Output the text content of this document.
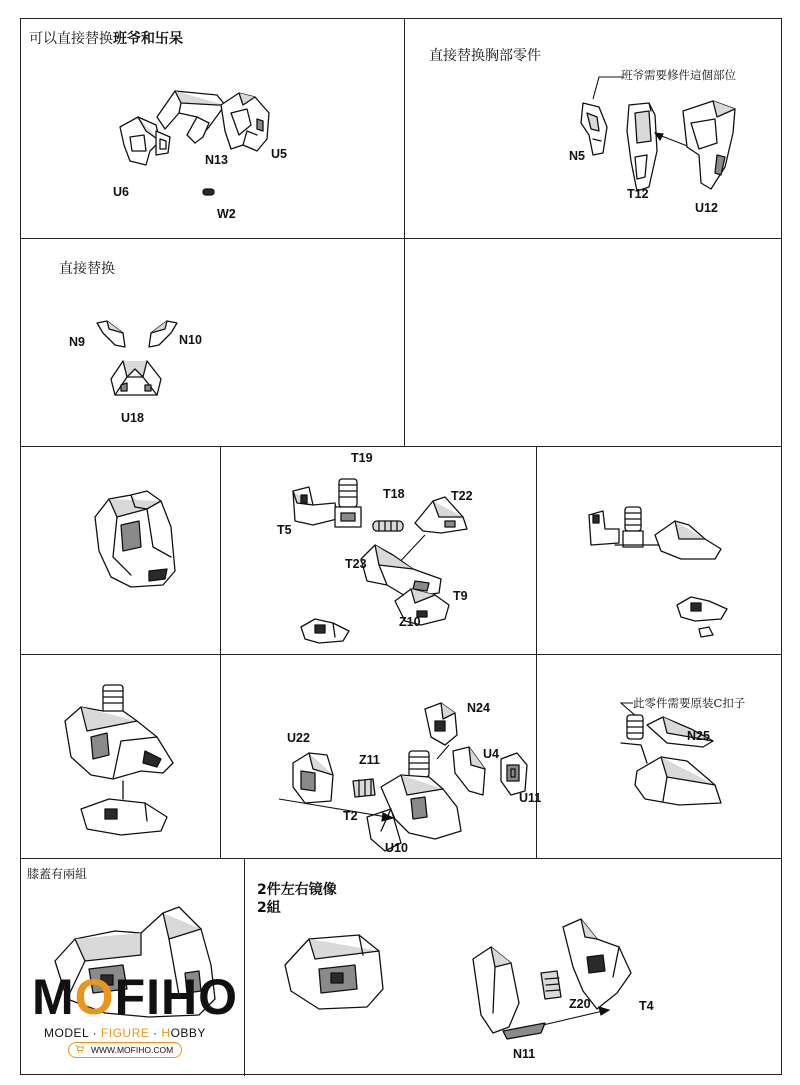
可以直接替换班爷和卐呆
N13	U5
U6
W2
直接替换胸部零件
班爷需要修件這個部位
N5
T12
U12
直接替换
N9	N10
U18
T19
T18	T22
T5
T23
T9
Z10
N24
U22
Z11	U4
U11
T2
U10
此零件需要原装C扣子
N25
膝蓋有兩組
2件左右镜像
2組
Z20	T4
N11
MOFIHO
MODEL · FIGURE · HOBBY
WWW.MOFIHO.COM
